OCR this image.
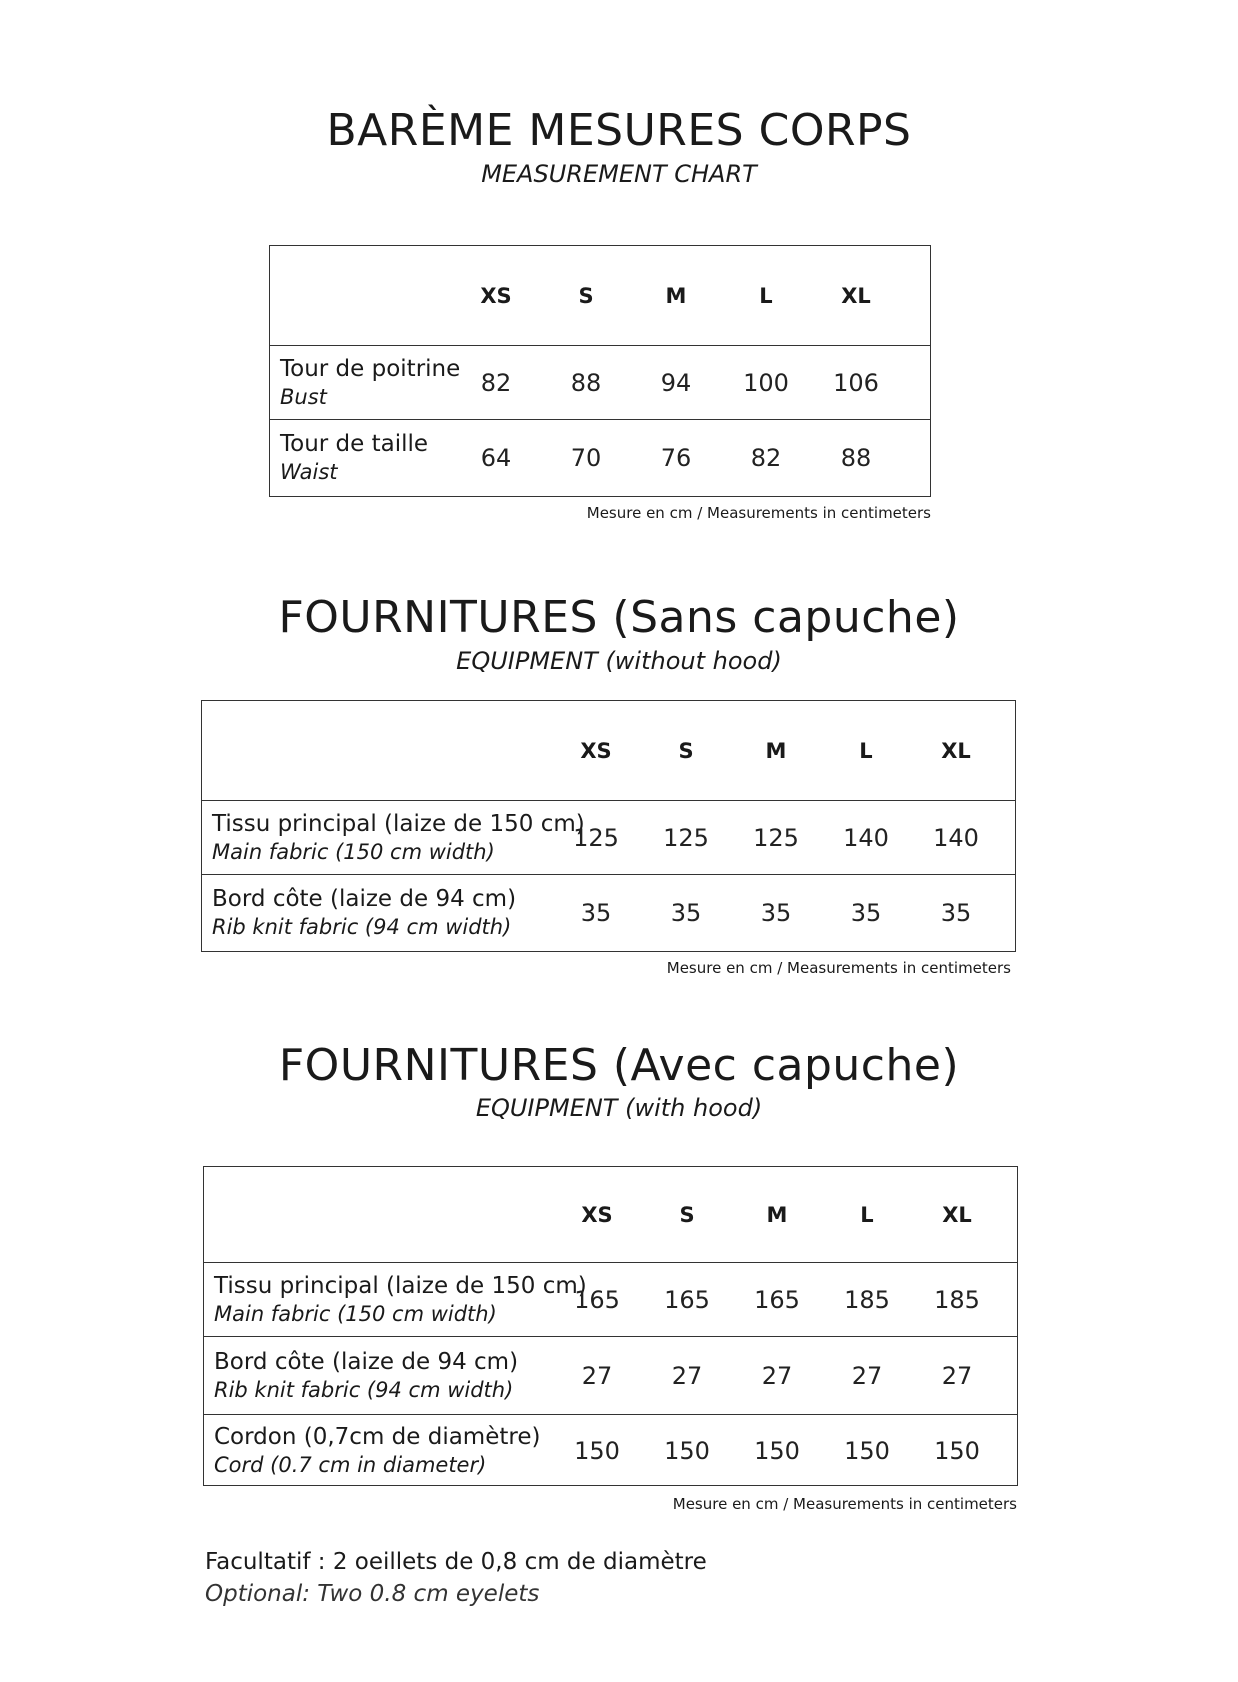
BARÈME MESURES CORPS

MEASUREMENT CHART

XS	S	M	L	XL
Tour de poitrine
Bust	82 88 94 100 106
Tour de taille
Waist	64 70 76 82 88
Mesure en cm / Measurements in centimeters
FOURNITURES (Sans capuche)

EQUIPMENT (without hood)

XS	S	M	L	XL
Tissu principal (laize de 150 cm)
Main fabric (150 cm width)	125 125 125 140 140
Bord côte (laize de 94 cm)
Rib knit fabric (94 cm width)	35 35 35 35 35
Mesure en cm / Measurements in centimeters
FOURNITURES (Avec capuche)

EQUIPMENT (with hood)

XS	S	M	L	XL
Tissu principal (laize de 150 cm)
Main fabric (150 cm width)	165 165 165 185 185
Bord côte (laize de 94 cm)
Rib knit fabric (94 cm width)	27 27 27 27 27
Cordon (0,7cm de diamètre)
Cord (0.7 cm in diameter)	150 150 150 150 150
Mesure en cm / Measurements in centimeters
Facultatif : 2 oeillets de 0,8 cm de diamètre
Optional: Two 0.8 cm eyelets
